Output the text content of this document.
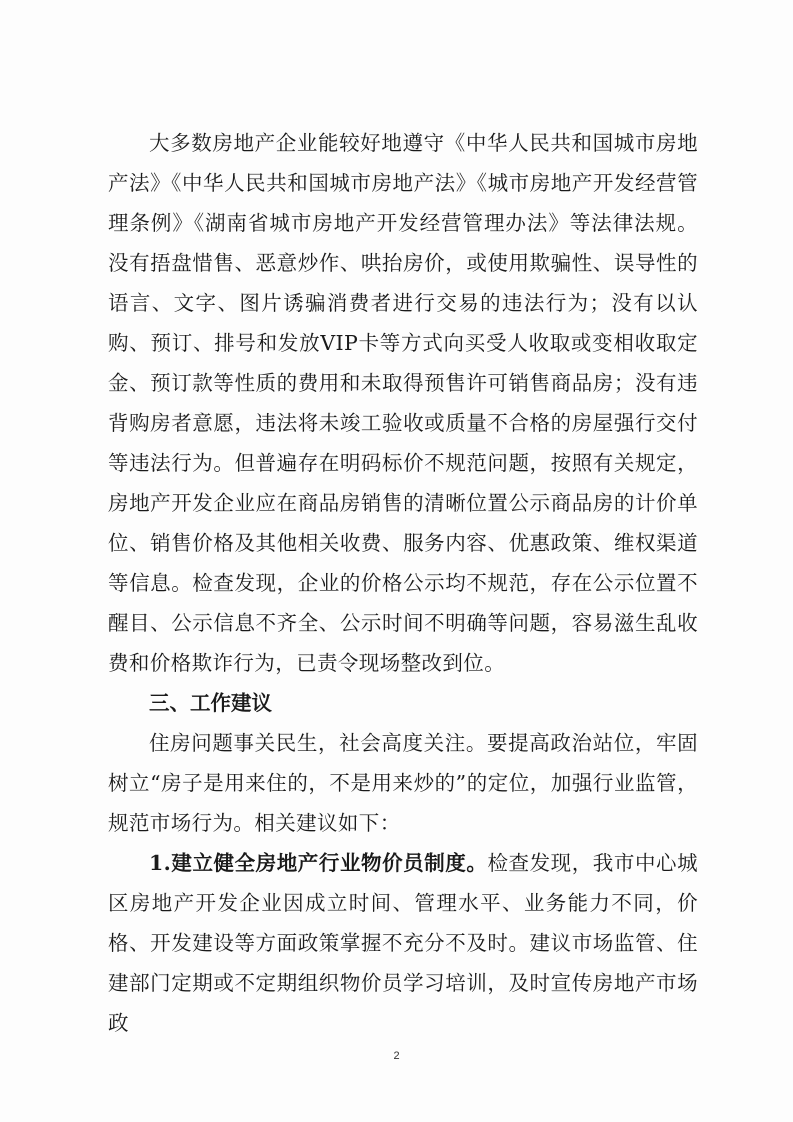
大多数房地产企业能较好地遵守《中华人民共和国城市房地产法》《中华人民共和国城市房地产法》《城市房地产开发经营管理条例》《湖南省城市房地产开发经营管理办法》等法律法规。没有捂盘惜售、恶意炒作、哄抬房价，或使用欺骗性、误导性的语言、文字、图片诱骗消费者进行交易的违法行为；没有以认购、预订、排号和发放VIP卡等方式向买受人收取或变相收取定金、预订款等性质的费用和未取得预售许可销售商品房；没有违背购房者意愿，违法将未竣工验收或质量不合格的房屋强行交付等违法行为。但普遍存在明码标价不规范问题，按照有关规定，房地产开发企业应在商品房销售的清晰位置公示商品房的计价单位、销售价格及其他相关收费、服务内容、优惠政策、维权渠道等信息。检查发现，企业的价格公示均不规范，存在公示位置不醒目、公示信息不齐全、公示时间不明确等问题，容易滋生乱收费和价格欺诈行为，已责令现场整改到位。

三、工作建议

住房问题事关民生，社会高度关注。要提高政治站位，牢固树立“房子是用来住的，不是用来炒的”的定位，加强行业监管，规范市场行为。相关建议如下：

1.建立健全房地产行业物价员制度。检查发现，我市中心城区房地产开发企业因成立时间、管理水平、业务能力不同，价格、开发建设等方面政策掌握不充分不及时。建议市场监管、住建部门定期或不定期组织物价员学习培训，及时宣传房地产市场政

2
